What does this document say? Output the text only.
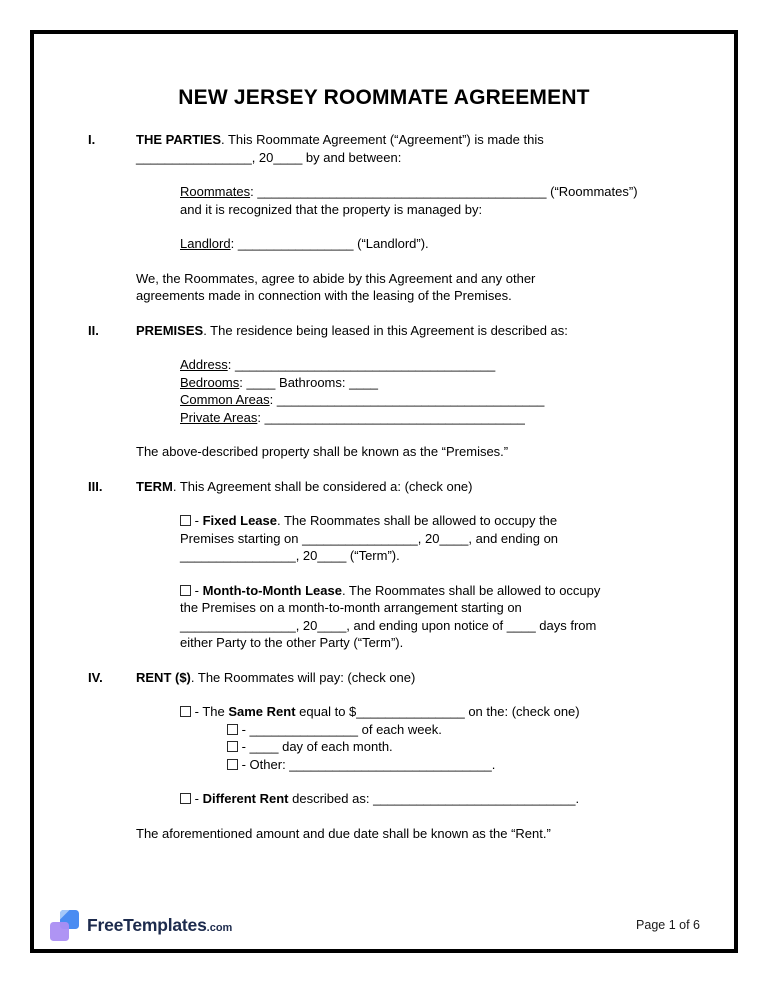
NEW JERSEY ROOMMATE AGREEMENT
I.	THE PARTIES. This Roommate Agreement (“Agreement”) is made this
________________, 20____ by and between:
Roommates: ________________________________________ (“Roommates”)
and it is recognized that the property is managed by:
Landlord: ________________ (“Landlord”).
We, the Roommates, agree to abide by this Agreement and any other
agreements made in connection with the leasing of the Premises.
II.	PREMISES. The residence being leased in this Agreement is described as:
Address: ____________________________________
Bedrooms: ____ Bathrooms: ____
Common Areas: _____________________________________
Private Areas: ____________________________________
The above-described property shall be known as the “Premises.”
III.	TERM. This Agreement shall be considered a: (check one)
- Fixed Lease. The Roommates shall be allowed to occupy the
Premises starting on ________________, 20____, and ending on
________________, 20____ (“Term”).
- Month-to-Month Lease. The Roommates shall be allowed to occupy
the Premises on a month-to-month arrangement starting on
________________, 20____, and ending upon notice of ____ days from
either Party to the other Party (“Term”).
IV.	RENT ($). The Roommates will pay: (check one)
- The Same Rent equal to $_______________ on the: (check one)
- _______________ of each week.
- ____ day of each month.
- Other: ____________________________.
- Different Rent described as: ____________________________.
The aforementioned amount and due date shall be known as the “Rent.”
FreeTemplates.com	Page 1 of 6
